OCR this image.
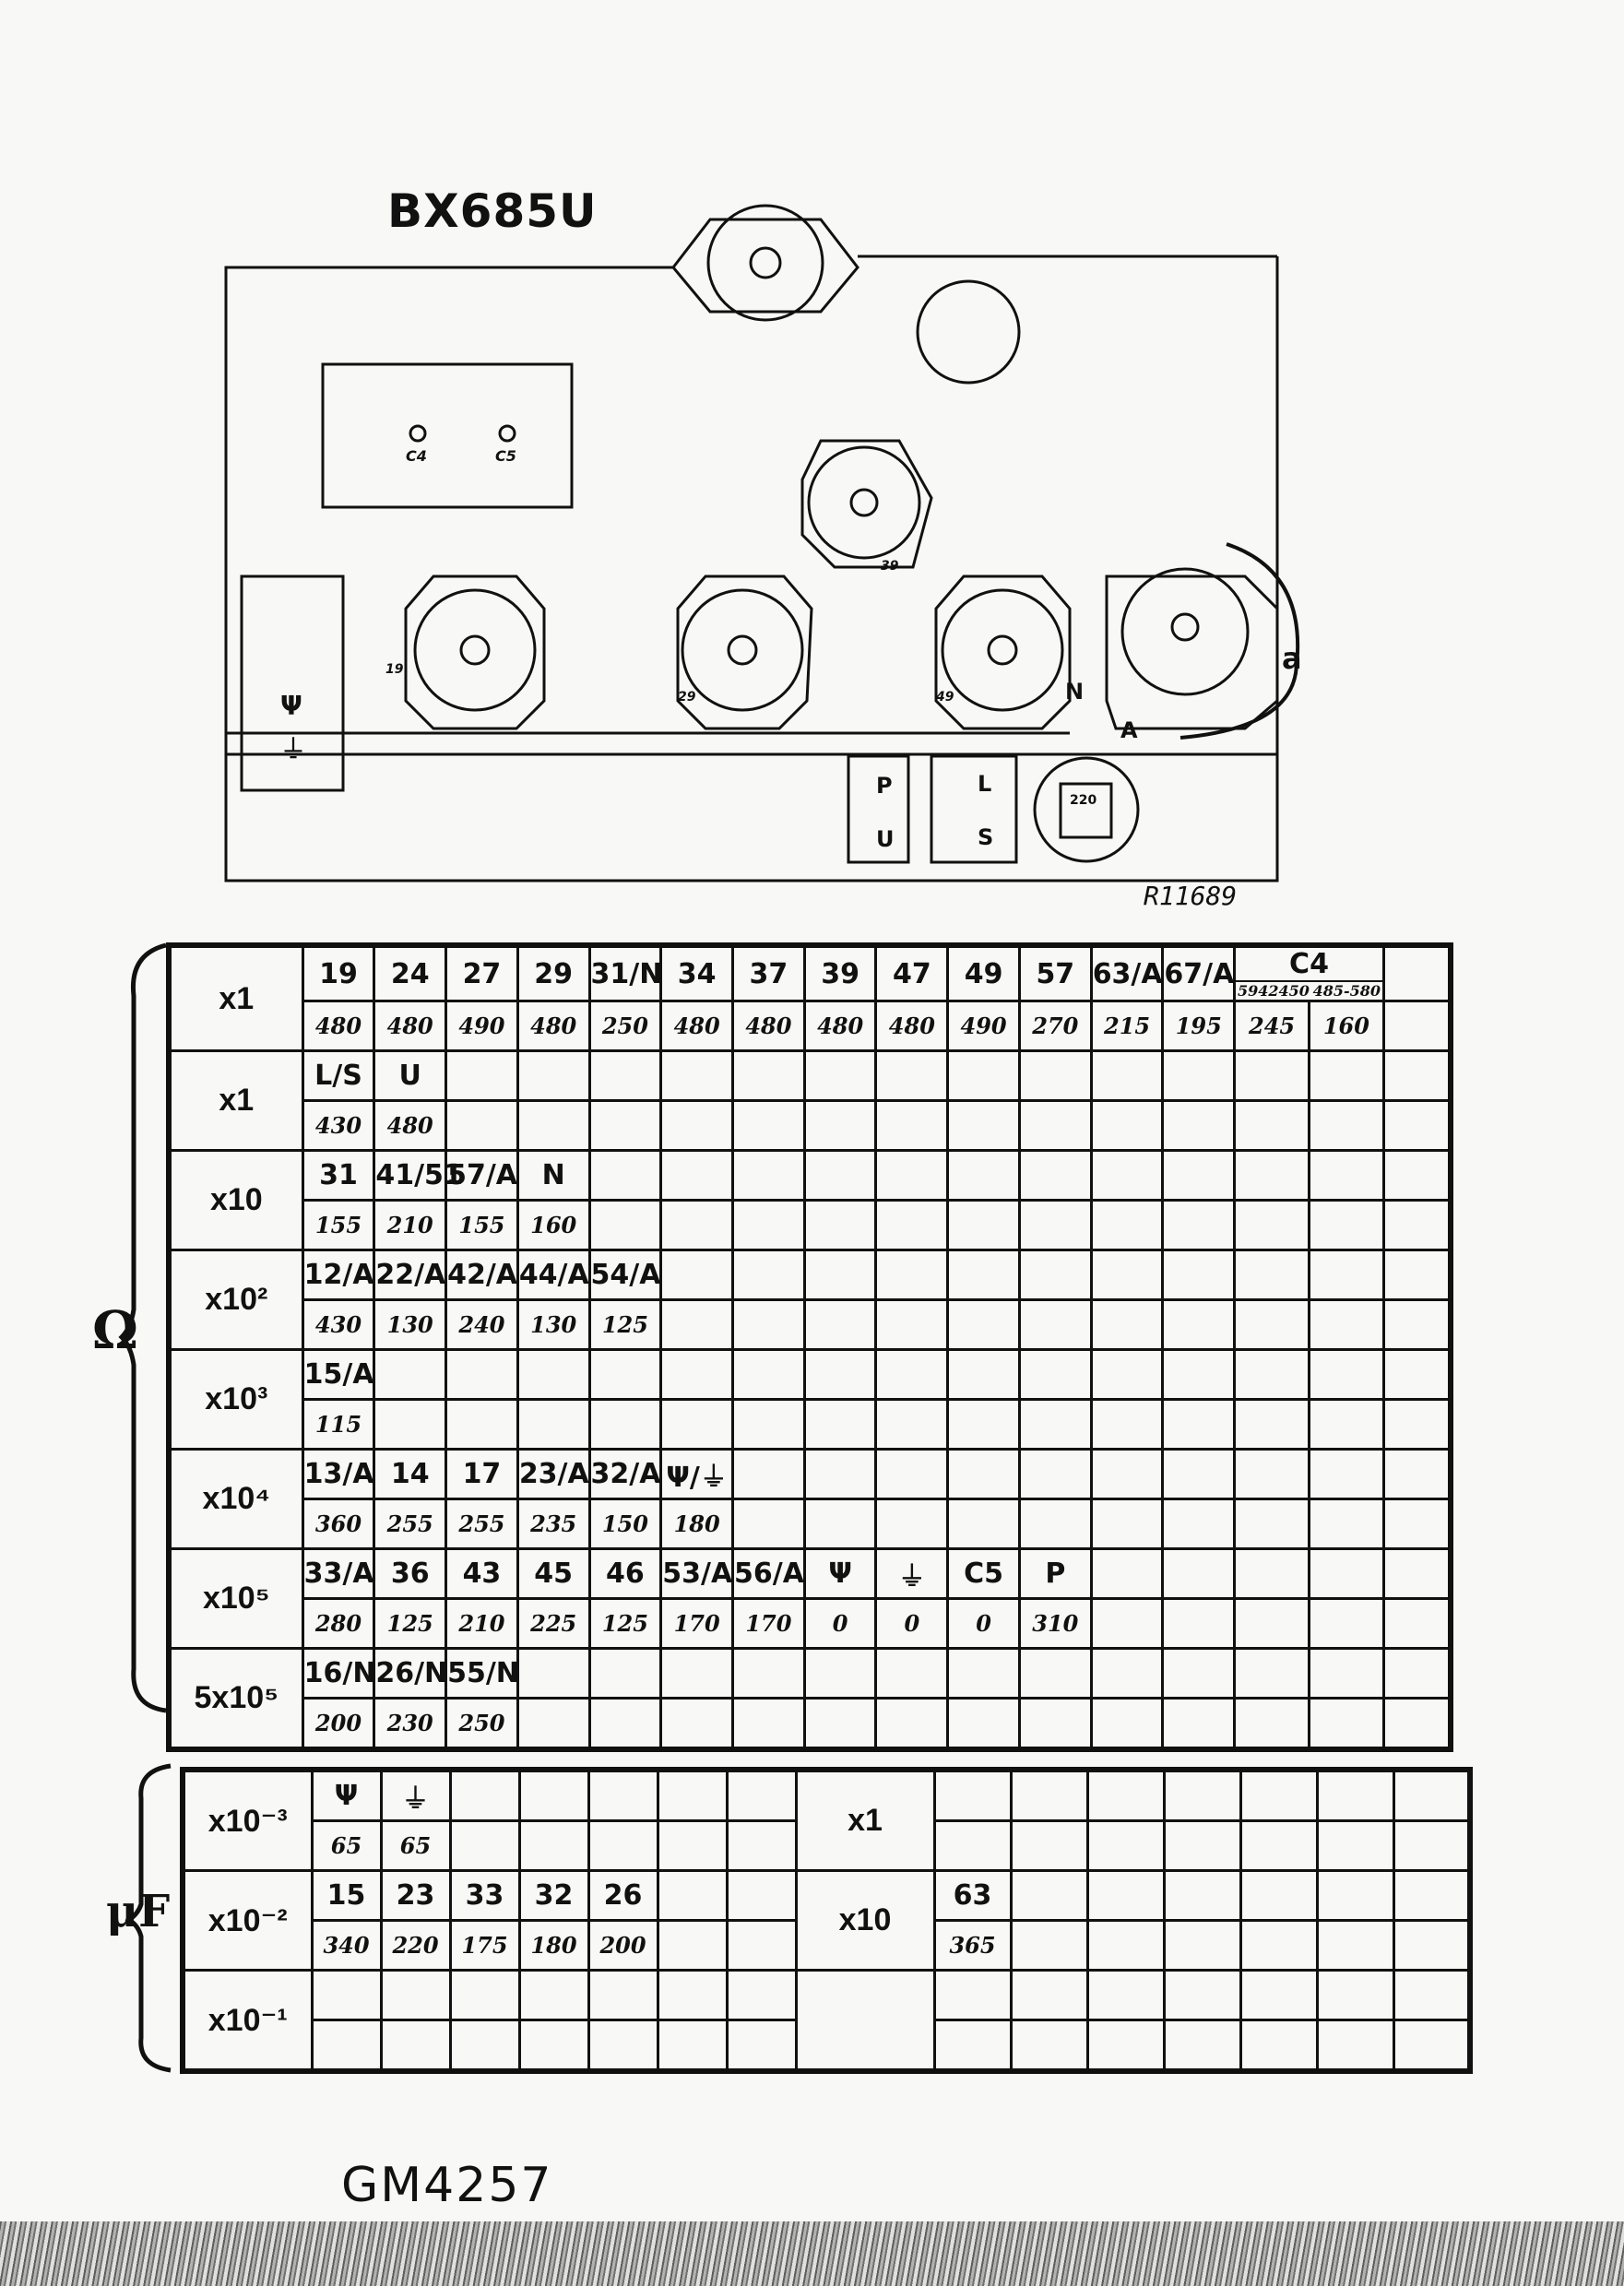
BX685U
R11689
C4	C5
Ψ
⏚
P
U
L
S
220
N
A
a
19
29	49
39
Ω
μF
x1	19	24	27	29	31/N	34	37	39	47	49	57	63/A	67/A	C4

5942450 485-580		

	480	480	490	480	250	480	480	480	480	490	270	215	195	245	160	
x1	L/S	U														
	430	480														
x10	31	41/51	57/A	N												
	155	210	155	160												
x10²	12/A	22/A	42/A	44/A	54/A											
	430	130	240	130	125											
x10³	15/A															
	115															
x10⁴	13/A	14	17	23/A	32/A	Ψ/⏚										
	360	255	255	235	150	180										
x10⁵	33/A	36	43	45	46	53/A	56/A	Ψ	⏚	C5	P					
	280	125	210	225	125	170	170	0	0	0	310					
5x10⁵	16/N	26/N	55/N													
	200	230	250													
x10⁻³	Ψ	⏚						x1							
	65	65													
x10⁻²	15	23	33	32	26			x10	63						
	340	220	175	180	200				365						
x10⁻¹															

GM4257
